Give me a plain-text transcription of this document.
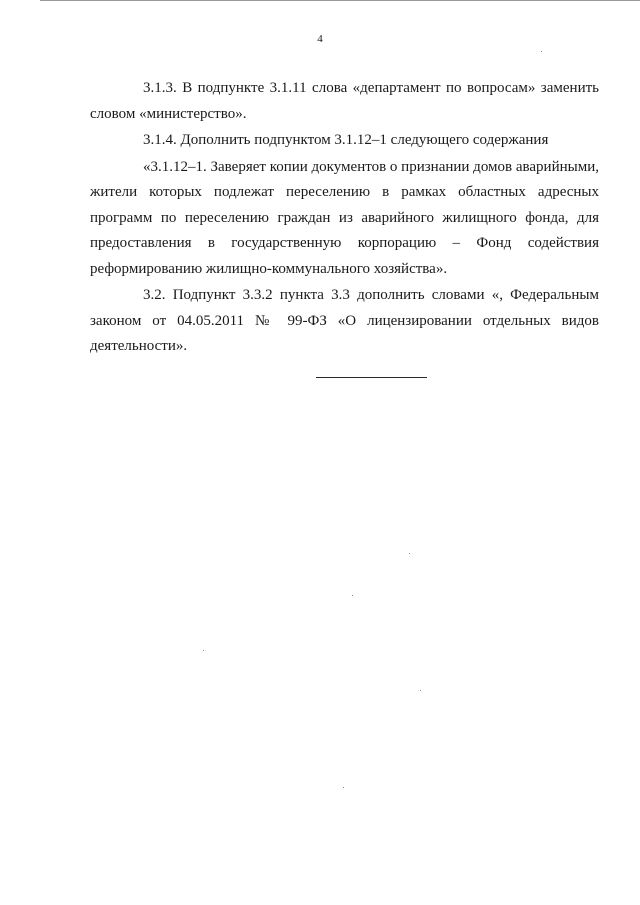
4

3.1.3. В подпункте 3.1.11 слова «департамент по вопросам» заменить словом «министерство».

3.1.4. Дополнить подпунктом 3.1.12–1 следующего содержания

«3.1.12–1. Заверяет копии документов о признании домов аварийными, жители которых подлежат переселению в рамках областных адресных программ по переселению граждан из аварийного жилищного фонда, для предоставления в государственную корпорацию – Фонд содействия реформированию жилищно-коммунального хозяйства».

3.2. Подпункт 3.3.2 пункта 3.3 дополнить словами «, Федеральным законом от 04.05.2011 № 99-ФЗ «О лицензировании отдельных видов деятельности».
